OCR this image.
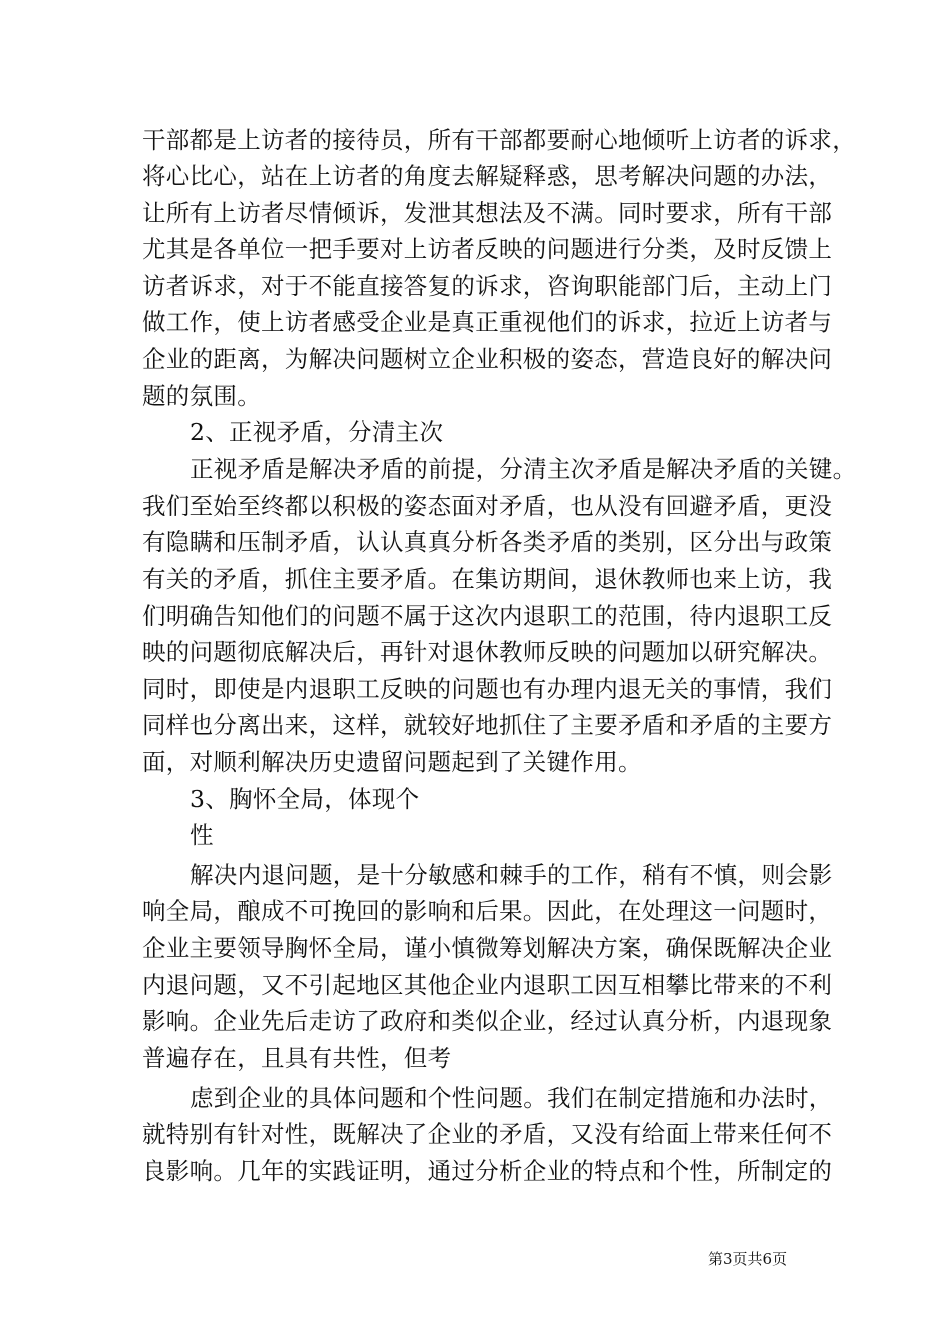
干部都是上访者的接待员，所有干部都要耐心地倾听上访者的诉求，
将心比心，站在上访者的角度去解疑释惑，思考解决问题的办法，
让所有上访者尽情倾诉，发泄其想法及不满。同时要求，所有干部
尤其是各单位一把手要对上访者反映的问题进行分类，及时反馈上
访者诉求，对于不能直接答复的诉求，咨询职能部门后，主动上门
做工作，使上访者感受企业是真正重视他们的诉求，拉近上访者与
企业的距离，为解决问题树立企业积极的姿态，营造良好的解决问
题的氛围。
2、正视矛盾，分清主次
正视矛盾是解决矛盾的前提，分清主次矛盾是解决矛盾的关键。
我们至始至终都以积极的姿态面对矛盾，也从没有回避矛盾，更没
有隐瞒和压制矛盾，认认真真分析各类矛盾的类别，区分出与政策
有关的矛盾，抓住主要矛盾。在集访期间，退休教师也来上访，我
们明确告知他们的问题不属于这次内退职工的范围，待内退职工反
映的问题彻底解决后，再针对退休教师反映的问题加以研究解决。
同时，即使是内退职工反映的问题也有办理内退无关的事情，我们
同样也分离出来，这样，就较好地抓住了主要矛盾和矛盾的主要方
面，对顺利解决历史遗留问题起到了关键作用。
3、胸怀全局，体现个
性
解决内退问题，是十分敏感和棘手的工作，稍有不慎，则会影
响全局，酿成不可挽回的影响和后果。因此，在处理这一问题时，
企业主要领导胸怀全局，谨小慎微筹划解决方案，确保既解决企业
内退问题，又不引起地区其他企业内退职工因互相攀比带来的不利
影响。企业先后走访了政府和类似企业，经过认真分析，内退现象
普遍存在，且具有共性，但考
虑到企业的具体问题和个性问题。我们在制定措施和办法时，
就特别有针对性，既解决了企业的矛盾，又没有给面上带来任何不
良影响。几年的实践证明，通过分析企业的特点和个性，所制定的
第3页共6页
